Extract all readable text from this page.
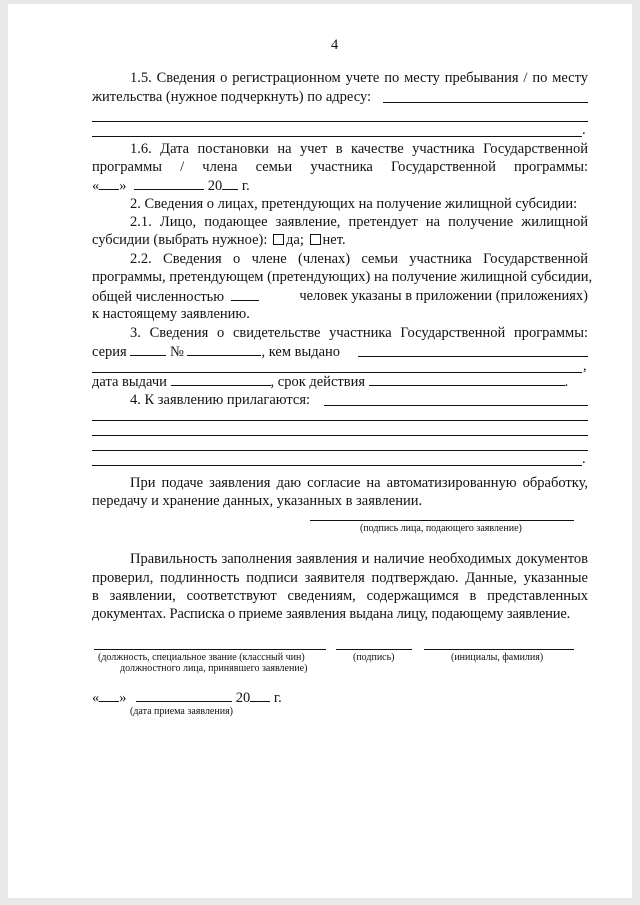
4
1.5. Сведения о регистрационном учете по месту пребывания / по месту
жительства (нужное подчеркнуть) по адресу:
.
1.6. Дата постановки на учет в качестве участника Государственной
программы / члена семьи участника Государственной программы:
« »	20 г.
2. Сведения о лицах, претендующих на получение жилищной субсидии:
2.1. Лицо, подающее заявление, претендует на получение жилищной
субсидии (выбрать нужное): да; нет.
2.2. Сведения о члене (членах) семьи участника Государственной
программы, претендующем (претендующих) на получение жилищной субсидии,
общей численностью	человек указаны в приложении (приложениях)
к настоящему заявлению.
3. Сведения о свидетельстве участника Государственной программы:
серия	№	, кем выдано
,
дата выдачи	, срок действия	.
4. К заявлению прилагаются:
.
При подаче заявления даю согласие на автоматизированную обработку,
передачу и хранение данных, указанных в заявлении.
(подпись лица, подающего заявление)
Правильность заполнения заявления и наличие необходимых документов
проверил, подлинность подписи заявителя подтверждаю. Данные, указанные
в заявлении, соответствуют сведениям, содержащимся в представленных
документах. Расписка о приеме заявления выдана лицу, подающему заявление.
(должность, специальное звание (классный чин)
должностного лица, принявшего заявление)
(подпись)	(инициалы, фамилия)
« »	20 г.
(дата приема заявления)
